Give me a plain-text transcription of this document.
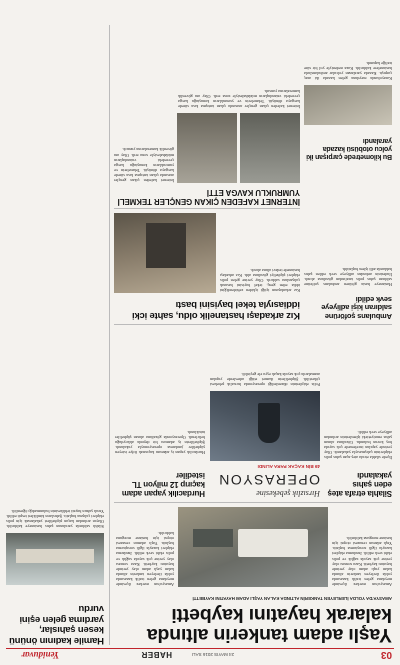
03
24 MAYIS 2016 SALI
HABER
Yeniduvar
Yaşlı adam tankerin altında kalarak hayatını kaybetti
AMASYA'DA YOLDA İLERLEYEN TANKERİN ALTINDA KALAN YAŞLI ADAM HAYATINI KAYBETTİ
Amasya'nın merkez ilçesinde meydana gelen trafik kazasında yolda ilerleyen tankerin altında kalan yaşlı adam olay yerinde hayatını kaybetti. Kaza sonrası olay yerine çok sayıda sağlık ve polis ekibi sevk edildi. Jandarma ekipleri kazayla ilgili soruşturma başlattı. Yaşlı adamın cenazesi otopsi için hastane morguna kaldırıldı.
Amasya'nın merkez ilçesinde meydana gelen trafik kazasında yolda ilerleyen tankerin altında kalan yaşlı adam olay yerinde hayatını kaybetti. Kaza sonrası olay yerine çok sayıda sağlık ve polis ekibi sevk edildi. Jandarma ekipleri kazayla ilgili soruşturma başlattı. Yaşlı adamın cenazesi otopsi için hastane morguna kaldırıldı.
Hamile kadının önünü kesen şahıslar, yardıma gelen eşini vurdu
Silahlı saldırıda yaralanan şahıs hastaneye kaldırıldı. Olayın ardından kaçan şüphelileri yakalamak için polis ekipleri çalışma başlattı. Şahısların kimlikleri tespit edildi. Yaralı şahsın hayati tehlikesinin bulunmadığı öğrenildi.
Hurdacılık yapan adam kaçırıp 12 milyon TL istediler
Hurdacılık yapan iş adamını kaçırarak fidye isteyen şüpheliler jandarma operasyonuyla yakalandı. Şüphelilerin iş adamını bir depoda alıkoyduğu belirlendi. Operasyonda gözaltına alınan şüpheliler tutuklandı.
Hırsızlık şebekesine
OPERASYON
49 BİN KAÇAK PARA ALINDI
Polis ekiplerinin düzenlediği operasyonda hırsızlık şebekesi çökertildi. Şüphelilerin ikamet ettiği adreslerde yapılan aramalarda çok sayıda kaçak eşya ele geçirildi.
Silahla etrafa ateş eden şahıs yakalandı
İlçede silahla etrafa ateş açan şahıs polis ekiplerinin çalışmasıyla yakalandı. Olay yerinde yapılan incelemede çok sayıda boş kovan bulundu. Gözaltına alınan şahıs emniyetteki işlemlerinin ardından adliyeye sevk edildi.
Kız arkadaşı hastanelik oldu, sahte icki iddiasıyla tekel bayisini bastı
Kız arkadaşının içtiği içkiden zehirlendiğini iddia eden genç, tekel bayisini basarak çalışanlara saldırdı. Olay yerine gelen polis ekipleri şüpheliyi gözaltına aldı. Kız arkadaşı hastanede tedavi altına alındı.
Ambulans şoförüne saldıran kişi adliyeye sevk edildi
Hastaneye hasta götüren ambulans şoförüne saldıran şahıs polis tarafından gözaltına alındı. İfadesinin ardından adliyeye sevk edilen şahıs hakkında adli işlem başlatıldı.
İNTERNET KAFEDEN ÇIKAN GENÇLER TEKMELİ YUMRUKLU KAVGA ETTİ
İnternet kafeden çıkan gençler arasında çıkan tartışma kısa sürede kavgaya dönüştü. Tekmelerin ve yumrukların konuştuğu kavga çevredeki vatandaşların müdahalesiyle sona erdi. Olay anı güvenlik kameralarına yansıdı.
İnternet kafeden çıkan gençler arasında çıkan tartışma kısa sürede kavgaya dönüştü. Tekmelerin ve yumrukların konuştuğu kavga çevredeki vatandaşların müdahalesiyle sona erdi. Olay anı güvenlik kameralarına yansıdı.
Bu kilometrede çarpışan iki yolcu otobüsü kazada yaralandı
Karayolunda meydana gelen kazada iki araç çarpıştı. Kazada yaralanan yolcular ambulanslarla hastanelere kaldırıldı. Kaza nedeniyle yol bir süre trafiğe kapandı.
